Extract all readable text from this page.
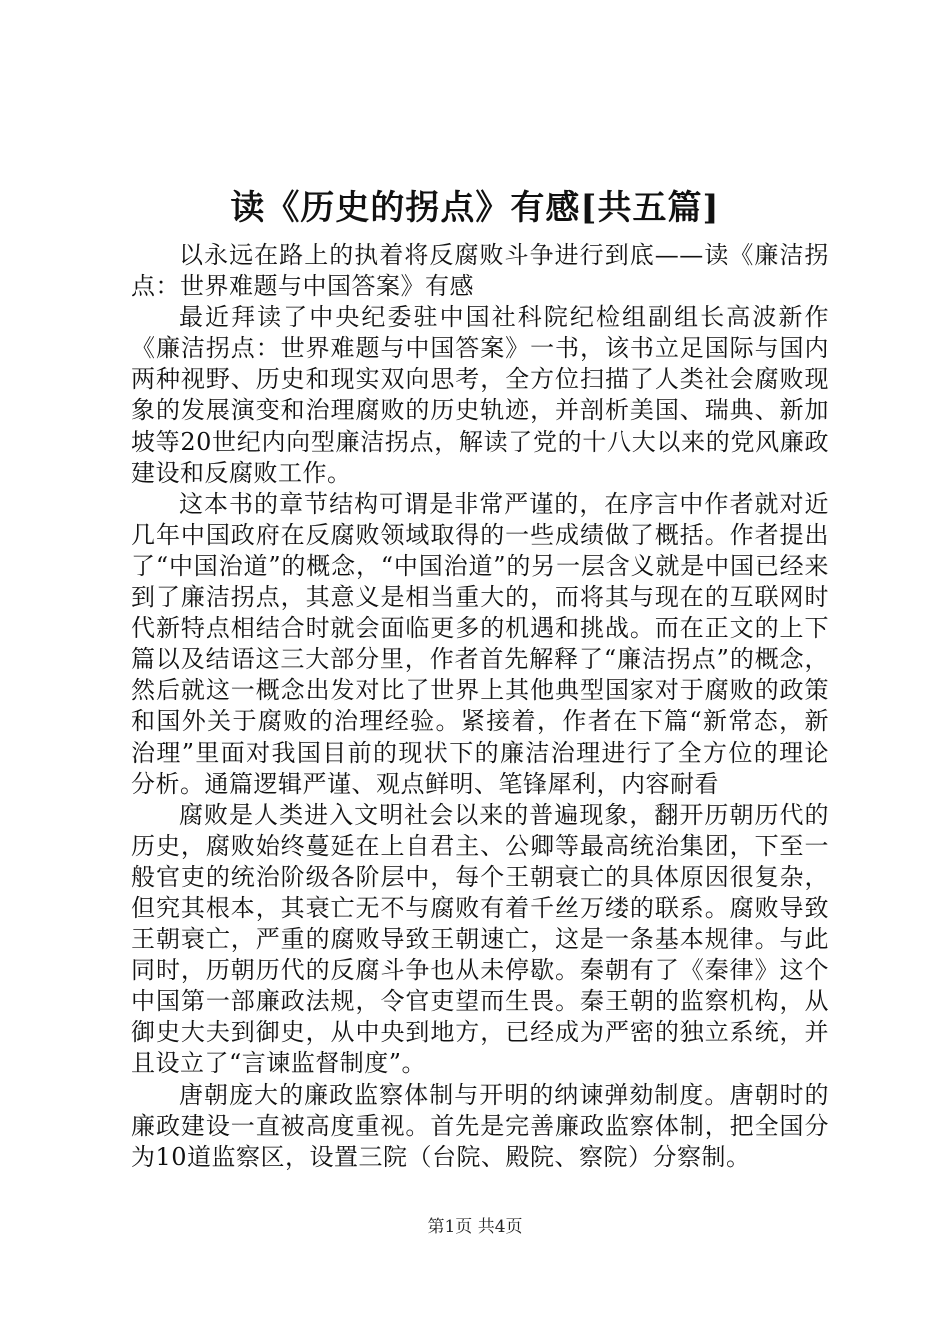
读《历史的拐点》有感[共五篇]

以永远在路上的执着将反腐败斗争进行到底——读《廉洁拐点：世界难题与中国答案》有感

最近拜读了中央纪委驻中国社科院纪检组副组长高波新作《廉洁拐点：世界难题与中国答案》一书，该书立足国际与国内两种视野、历史和现实双向思考，全方位扫描了人类社会腐败现象的发展演变和治理腐败的历史轨迹，并剖析美国、瑞典、新加坡等20世纪内向型廉洁拐点，解读了党的十八大以来的党风廉政建设和反腐败工作。

这本书的章节结构可谓是非常严谨的，在序言中作者就对近几年中国政府在反腐败领域取得的一些成绩做了概括。作者提出了“中国治道”的概念，“中国治道”的另一层含义就是中国已经来到了廉洁拐点，其意义是相当重大的，而将其与现在的互联网时代新特点相结合时就会面临更多的机遇和挑战。而在正文的上下篇以及结语这三大部分里，作者首先解释了“廉洁拐点”的概念，然后就这一概念出发对比了世界上其他典型国家对于腐败的政策和国外关于腐败的治理经验。紧接着，作者在下篇“新常态，新治理”里面对我国目前的现状下的廉洁治理进行了全方位的理论分析。通篇逻辑严谨、观点鲜明、笔锋犀利，内容耐看

腐败是人类进入文明社会以来的普遍现象，翻开历朝历代的历史，腐败始终蔓延在上自君主、公卿等最高统治集团，下至一般官吏的统治阶级各阶层中，每个王朝衰亡的具体原因很复杂，但究其根本，其衰亡无不与腐败有着千丝万缕的联系。腐败导致王朝衰亡，严重的腐败导致王朝速亡，这是一条基本规律。与此同时，历朝历代的反腐斗争也从未停歇。秦朝有了《秦律》这个中国第一部廉政法规，令官吏望而生畏。秦王朝的监察机构，从御史大夫到御史，从中央到地方，已经成为严密的独立系统，并且设立了“言谏监督制度”。

唐朝庞大的廉政监察体制与开明的纳谏弹劾制度。唐朝时的廉政建设一直被高度重视。首先是完善廉政监察体制，把全国分为10道监察区，设置三院（台院、殿院、察院）分察制。

第1页 共4页
